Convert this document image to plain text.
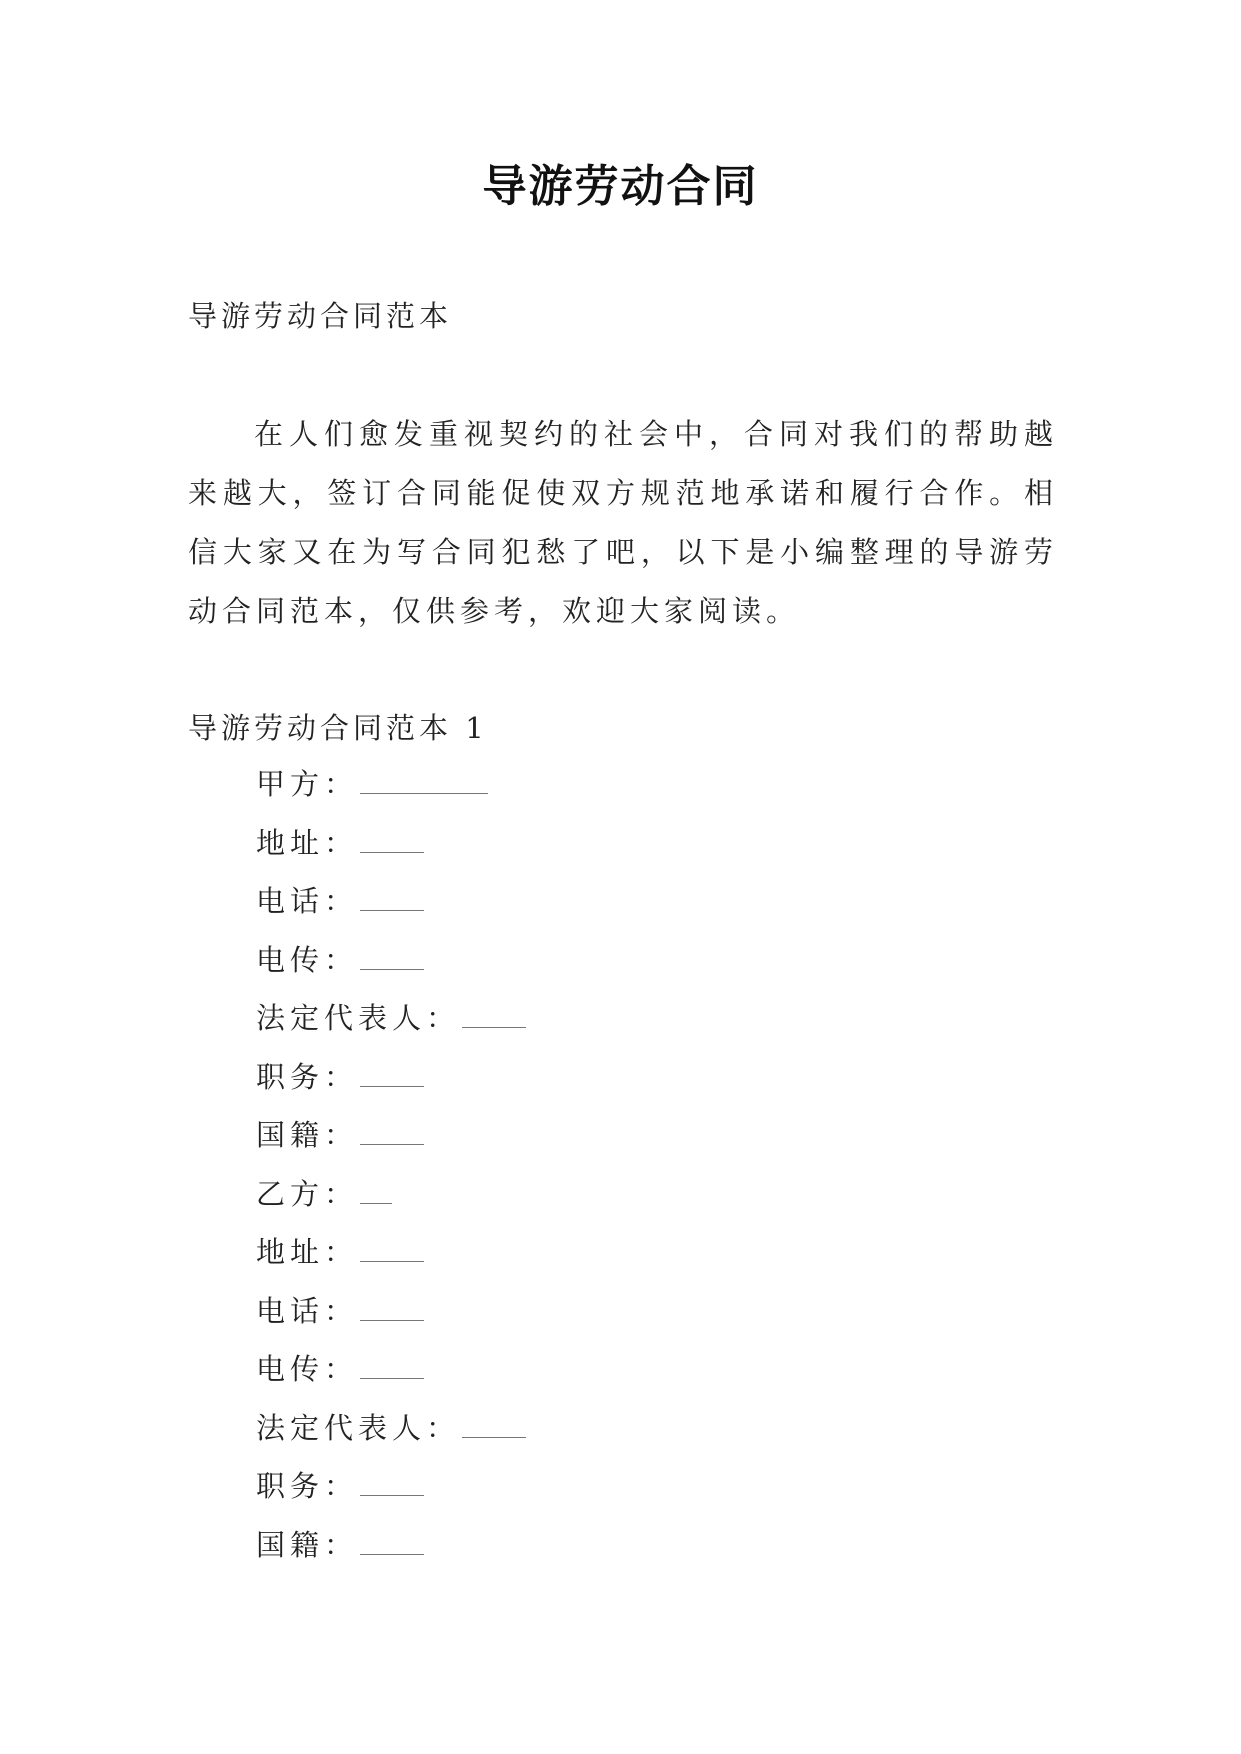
导游劳动合同
导游劳动合同范本

在人们愈发重视契约的社会中，合同对我们的帮助越来越大，签订合同能促使双方规范地承诺和履行合作。相信大家又在为写合同犯愁了吧，以下是小编整理的导游劳动合同范本，仅供参考，欢迎大家阅读。

导游劳动合同范本 1
甲方：
地址：
电话：
电传：
法定代表人：
职务：
国籍：
乙方：
地址：
电话：
电传：
法定代表人：
职务：
国籍：
